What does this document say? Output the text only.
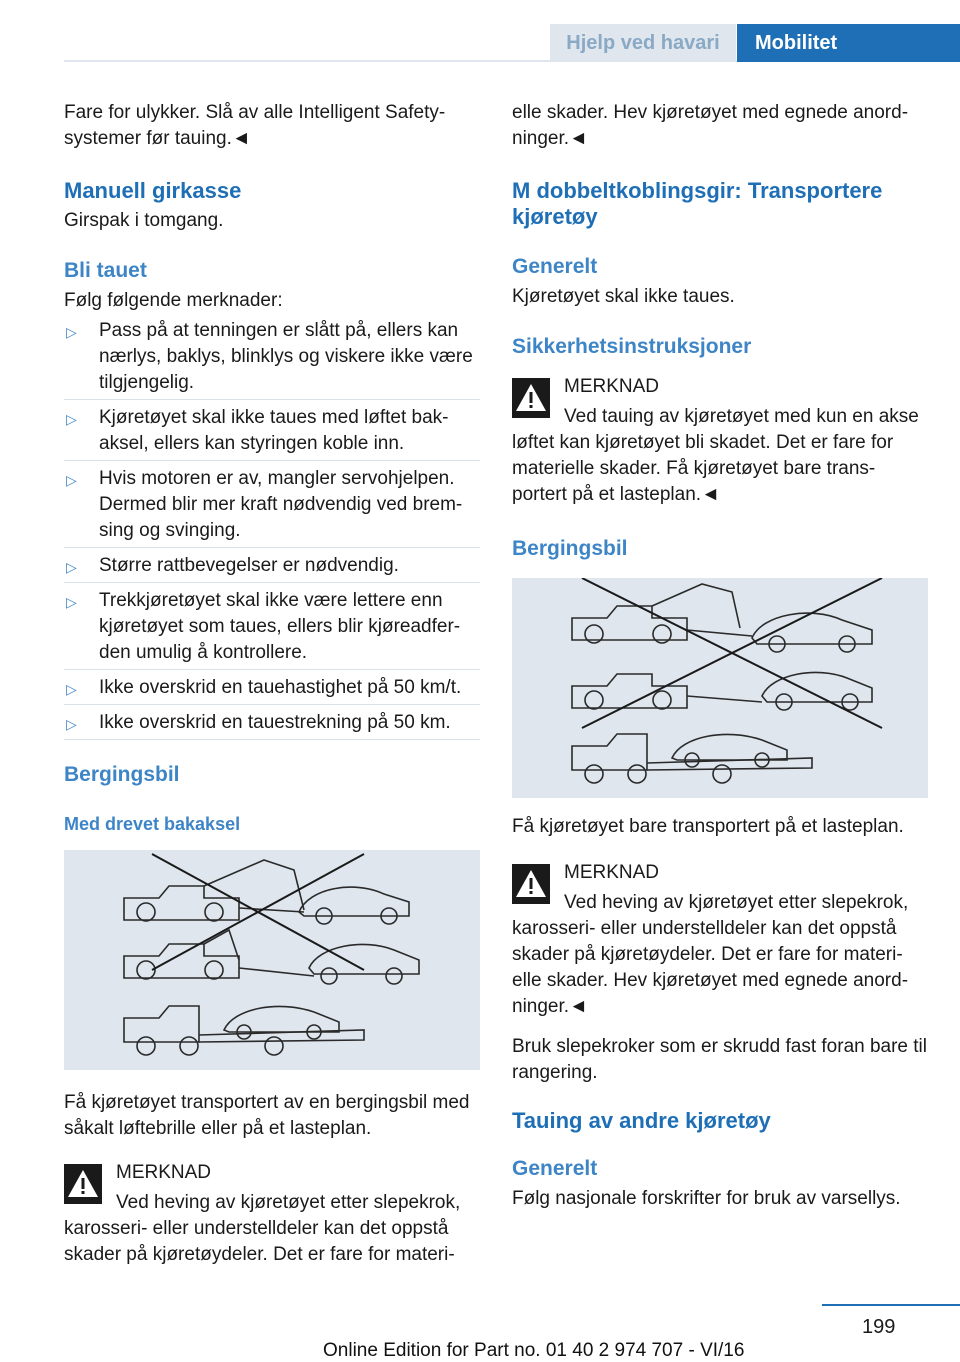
Hjelp ved havari	Mobilitet

Fare for ulykker. Slå av alle Intelligent Safety-systemer før tauing.◄

Manuell girkasse

Girspak i tomgang.

Bli tauet

Følg følgende merknader:

▷ Pass på at tenningen er slått på, ellers kan nærlys, baklys, blinklys og viskere ikke være tilgjengelig.
▷ Kjøretøyet skal ikke taues med løftet bak-aksel, ellers kan styringen koble inn.
▷ Hvis motoren er av, mangler servohjelpen. Dermed blir mer kraft nødvendig ved brem-sing og svinging.
▷ Større rattbevegelser er nødvendig.
▷ Trekkjøretøyet skal ikke være lettere enn kjøretøyet som taues, ellers blir kjøreadfer-den umulig å kontrollere.
▷ Ikke overskrid en tauehastighet på 50 km/t.
▷ Ikke overskrid en tauestrekning på 50 km.
Bergingsbil
Med drevet bakaksel

Få kjøretøyet transportert av en bergingsbil med såkalt løftebrille eller på et lasteplan.

MERKNAD
Ved heving av kjøretøyet etter slepekrok, karosseri- eller understelldeler kan det oppstå skader på kjøretøydeler. Det er fare for materi-

elle skader. Hev kjøretøyet med egnede anord-ninger.◄

M dobbeltkoblingsgir: Transportere kjøretøy
Generelt

Kjøretøyet skal ikke taues.

Sikkerhetsinstruksjoner
MERKNAD
Ved tauing av kjøretøyet med kun en akse løftet kan kjøretøyet bli skadet. Det er fare for materielle skader. Få kjøretøyet bare trans-portert på et lasteplan.◄
Bergingsbil

Få kjøretøyet bare transportert på et lasteplan.

MERKNAD
Ved heving av kjøretøyet etter slepekrok, karosseri- eller understelldeler kan det oppstå skader på kjøretøydeler. Det er fare for materi-elle skader. Hev kjøretøyet med egnede anord-ninger.◄

Bruk slepekroker som er skrudd fast foran bare til rangering.

Tauing av andre kjøretøy
Generelt

Følg nasjonale forskrifter for bruk av varsellys.

199
Online Edition for Part no. 01 40 2 974 707 - VI/16
